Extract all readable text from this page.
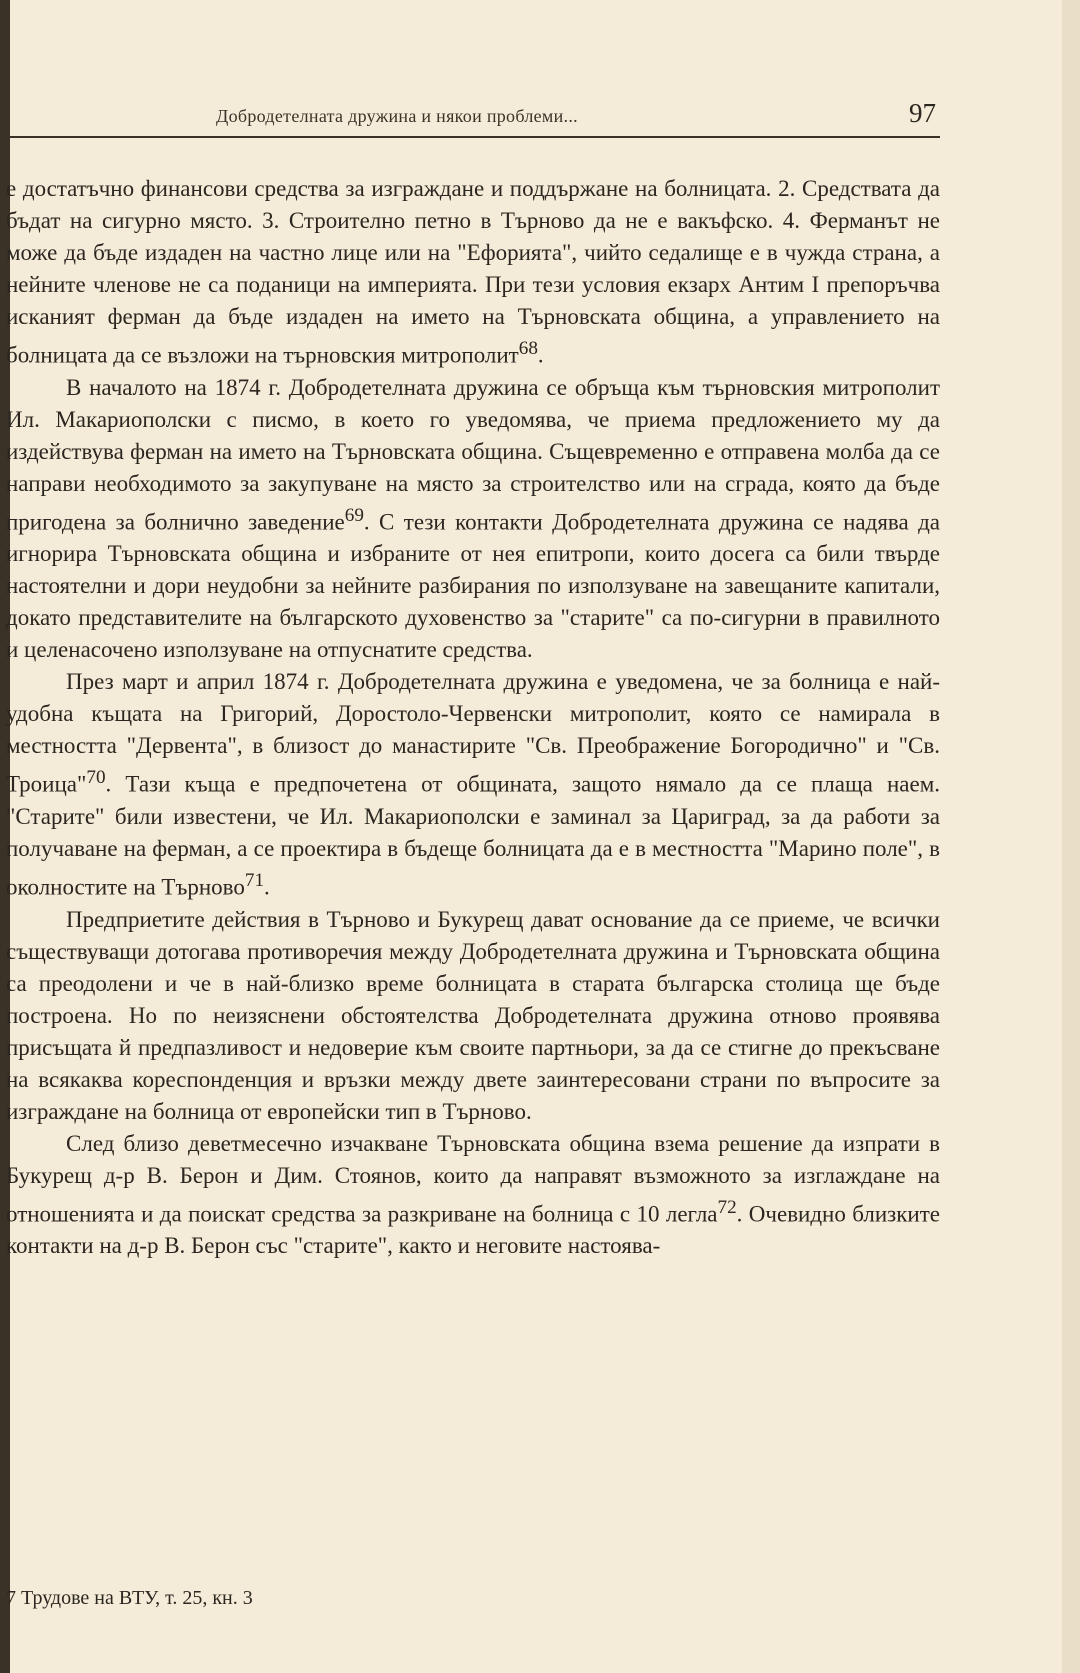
Добродетелната дружина и някои проблеми...	97

е достатъчно финансови средства за изграждане и поддържане на болницата. 2. Средствата да бъдат на сигурно място. 3. Строително петно в Търново да не е вакъфско. 4. Ферманът не може да бъде издаден на частно лице или на "Ефорията", чийто седалище е в чужда страна, а нейните членове не са поданици на империята. При тези условия екзарх Антим I препоръчва исканият ферман да бъде издаден на името на Търновската община, а управлението на болницата да се възложи на търновския митрополит$^{68}$.

В началото на 1874 г. Добродетелната дружина се обръща към търновския митрополит Ил. Макариополски с писмо, в което го уведомява, че приема предложението му да издействува ферман на името на Търновската община. Същевременно е отправена молба да се направи необходимото за закупуване на място за строителство или на сграда, която да бъде пригодена за болнично заведение$^{69}$. С тези контакти Добродетелната дружина се надява да игнорира Търновската община и избраните от нея епитропи, които досега са били твърде настоятелни и дори неудобни за нейните разбирания по използуване на завещаните капитали, докато представителите на българското духовенство за "старите" са по-сигурни в правилното и целенасочено използуване на отпуснатите средства.

През март и април 1874 г. Добродетелната дружина е уведомена, че за болница е най-удобна къщата на Григорий, Доростоло-Червенски митрополит, която се намирала в местността "Дервента", в близост до манастирите "Св. Преображение Богородично" и "Св. Троица"$^{70}$. Тази къща е предпочетена от общината, защото нямало да се плаща наем. "Старите" били известени, че Ил. Макариополски е заминал за Цариград, за да работи за получаване на ферман, а се проектира в бъдеще болницата да е в местността "Марино поле", в околностите на Търново$^{71}$.

Предприетите действия в Търново и Букурещ дават основание да се приеме, че всички съществуващи дотогава противоречия между Добродетелната дружина и Търновската община са преодолени и че в най-близко време болницата в старата българска столица ще бъде построена. Но по неизяснени обстоятелства Добродетелната дружина отново проявява присъщата й предпазливост и недоверие към своите партньори, за да се стигне до прекъсване на всякаква кореспонденция и връзки между двете заинтересовани страни по въпросите за изграждане на болница от европейски тип в Търново.

След близо деветмесечно изчакване Търновската община взема решение да изпрати в Букурещ д-р В. Берон и Дим. Стоянов, които да направят възможното за изглаждане на отношенията и да поискат средства за разкриване на болница с 10 легла$^{72}$. Очевидно близките контакти на д-р В. Берон със "старите", както и неговите настоява-

7 Трудове на ВТУ, т. 25, кн. 3
